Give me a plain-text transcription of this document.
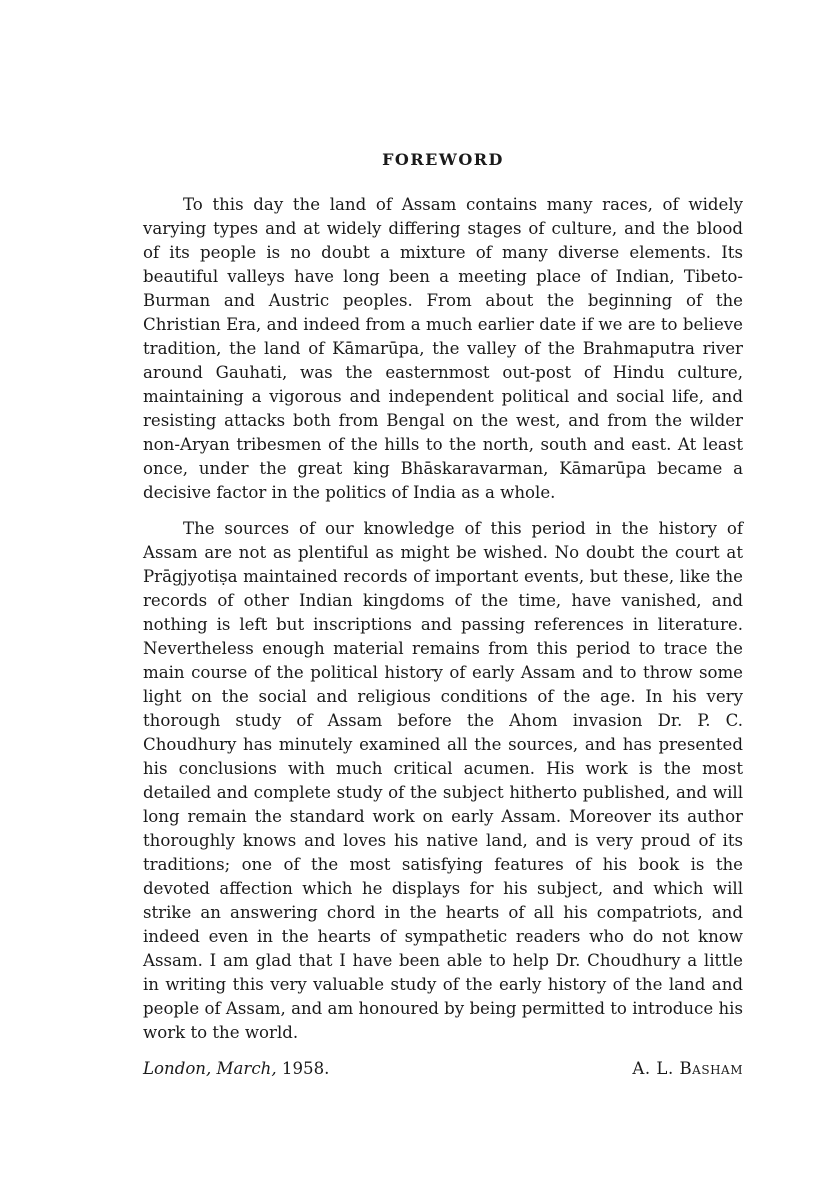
FOREWORD

To this day the land of Assam contains many races, of widely varying types and at widely differing stages of culture, and the blood of its people is no doubt a mixture of many diverse elements. Its beautiful valleys have long been a meeting place of Indian, Tibeto-Burman and Austric peoples. From about the beginning of the Christian Era, and indeed from a much earlier date if we are to believe tradition, the land of Kāmarūpa, the valley of the Brahmaputra river around Gauhati, was the easternmost out-post of Hindu culture, maintaining a vigorous and independent political and social life, and resisting attacks both from Bengal on the west, and from the wilder non-Aryan tribesmen of the hills to the north, south and east. At least once, under the great king Bhāskaravarman, Kāmarūpa became a decisive factor in the politics of India as a whole.

The sources of our knowledge of this period in the history of Assam are not as plentiful as might be wished. No doubt the court at Prāgjyotiṣa maintained records of important events, but these, like the records of other Indian kingdoms of the time, have vanished, and nothing is left but inscriptions and passing references in literature. Nevertheless enough material remains from this period to trace the main course of the political history of early Assam and to throw some light on the social and religious conditions of the age. In his very thorough study of Assam before the Ahom invasion Dr. P. C. Choudhury has minutely examined all the sources, and has presented his conclusions with much critical acumen. His work is the most detailed and complete study of the subject hitherto published, and will long remain the standard work on early Assam. Moreover its author thoroughly knows and loves his native land, and is very proud of its traditions; one of the most satisfying features of his book is the devoted affection which he displays for his subject, and which will strike an answering chord in the hearts of all his compatriots, and indeed even in the hearts of sympathetic readers who do not know Assam. I am glad that I have been able to help Dr. Choudhury a little in writing this very valuable study of the early history of the land and people of Assam, and am honoured by being permitted to introduce his work to the world.

London, March, 1958.	A. L. Basham
